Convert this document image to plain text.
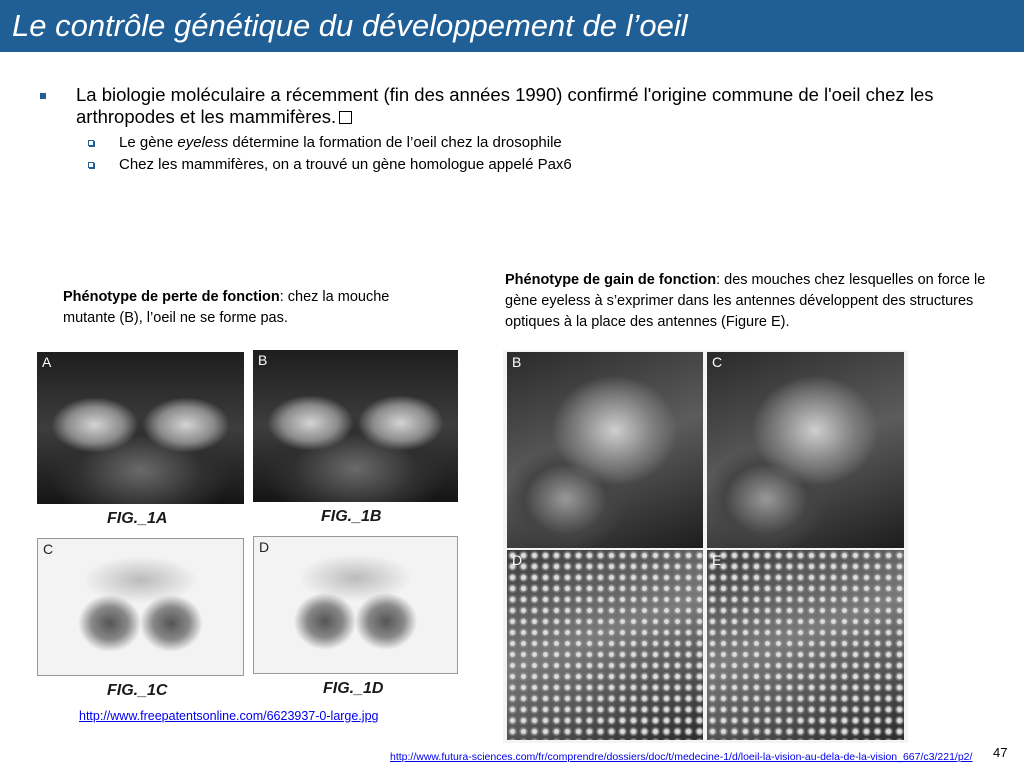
Le contrôle génétique du développement de l’oeil
La biologie moléculaire a récemment (fin des années 1990) confirmé l'origine commune de l'oeil chez les arthropodes et les mammifères.
Le gène eyeless détermine la formation de l’oeil chez la drosophile
Chez les mammifères, on a trouvé un gène homologue appelé Pax6
Phénotype de perte de fonction: chez la mouche mutante (B), l’oeil ne se forme pas.
Phénotype de gain de fonction: des mouches chez lesquelles on force le gène eyeless à s’exprimer dans les antennes développent des structures optiques à la place des antennes (Figure E).
A	B
FIG._1A	FIG._1B
C	D
FIG._1C	FIG._1D
B	C
D	E
http://www.freepatentsonline.com/6623937-0-large.jpg
http://www.futura-sciences.com/fr/comprendre/dossiers/doc/t/medecine-1/d/loeil-la-vision-au-dela-de-la-vision_667/c3/221/p2/ 47
